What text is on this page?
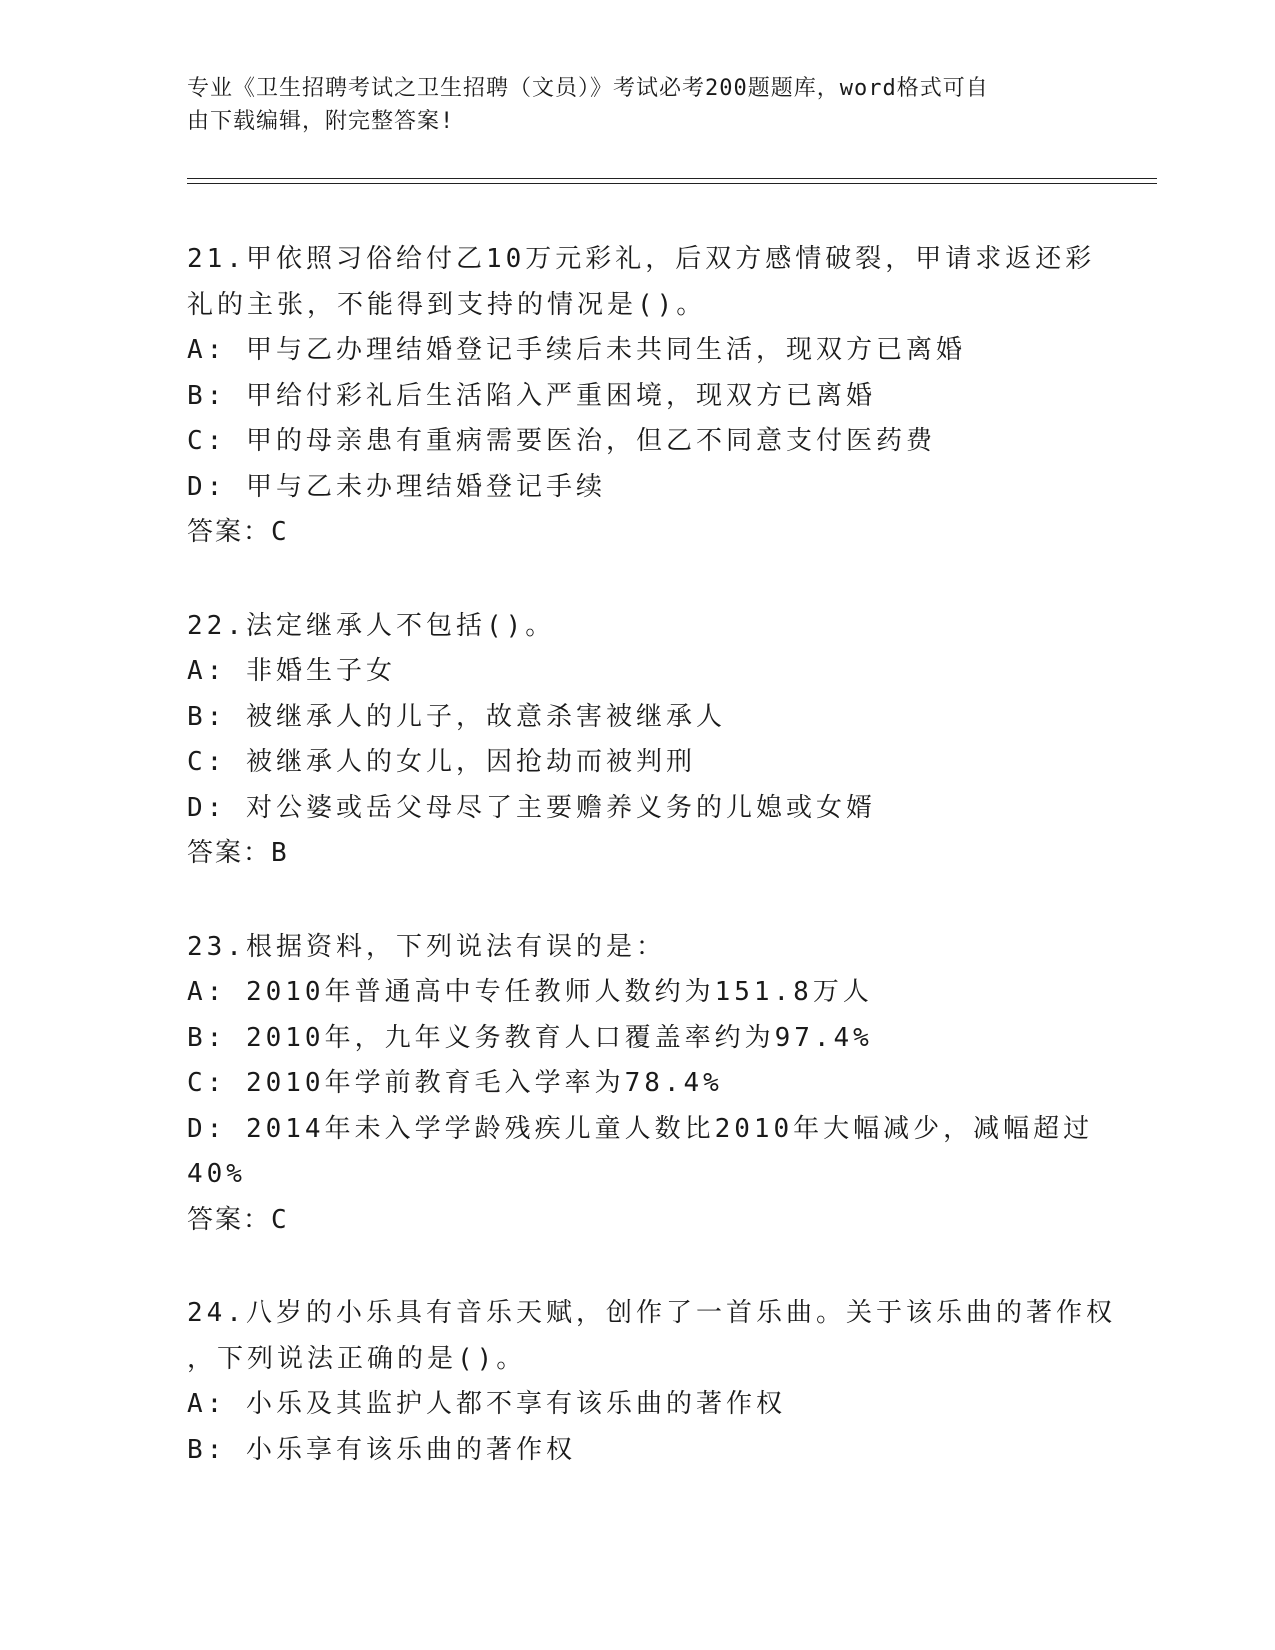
专业《卫生招聘考试之卫生招聘（文员）》考试必考200题题库，word格式可自
由下载编辑，附完整答案!
21.甲依照习俗给付乙10万元彩礼，后双方感情破裂，甲请求返还彩
礼的主张，不能得到支持的情况是()。
A: 甲与乙办理结婚登记手续后未共同生活，现双方已离婚
B: 甲给付彩礼后生活陷入严重困境，现双方已离婚
C: 甲的母亲患有重病需要医治，但乙不同意支付医药费
D: 甲与乙未办理结婚登记手续
答案：C
22.法定继承人不包括()。
A: 非婚生子女
B: 被继承人的儿子，故意杀害被继承人
C: 被继承人的女儿，因抢劫而被判刑
D: 对公婆或岳父母尽了主要赡养义务的儿媳或女婿
答案：B
23.根据资料，下列说法有误的是：
A: 2010年普通高中专任教师人数约为151.8万人
B: 2010年，九年义务教育人口覆盖率约为97.4%
C: 2010年学前教育毛入学率为78.4%
D: 2014年未入学学龄残疾儿童人数比2010年大幅减少，减幅超过
40%
答案：C
24.八岁的小乐具有音乐天赋，创作了一首乐曲。关于该乐曲的著作权
，下列说法正确的是()。
A: 小乐及其监护人都不享有该乐曲的著作权
B: 小乐享有该乐曲的著作权
